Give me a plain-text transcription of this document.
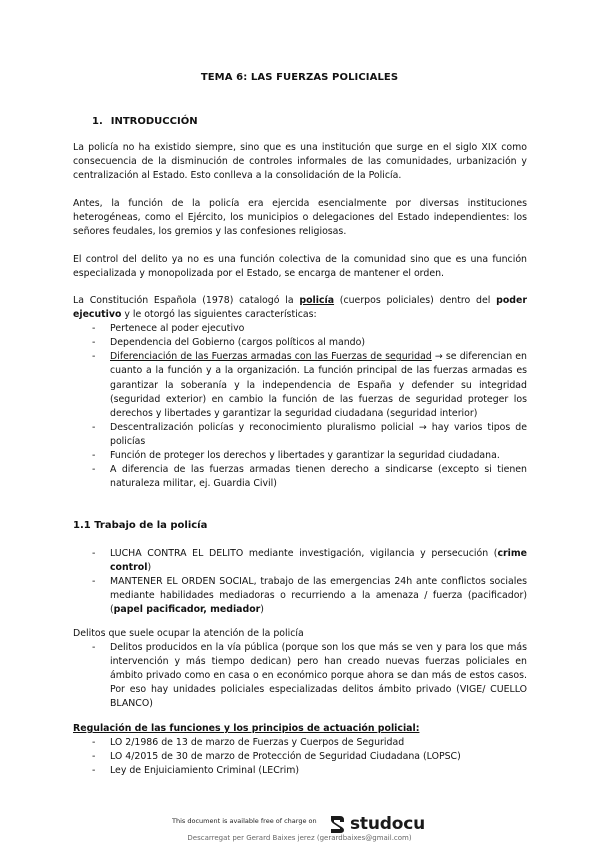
TEMA 6: LAS FUERZAS POLICIALES
1. INTRODUCCIÓN

La policía no ha existido siempre, sino que es una institución que surge en el siglo XIX como consecuencia de la disminución de controles informales de las comunidades, urbanización y centralización al Estado. Esto conlleva a la consolidación de la Policía.

Antes, la función de la policía era ejercida esencialmente por diversas instituciones heterogéneas, como el Ejército, los municipios o delegaciones del Estado independientes: los señores feudales, los gremios y las confesiones religiosas.

El control del delito ya no es una función colectiva de la comunidad sino que es una función especializada y monopolizada por el Estado, se encarga de mantener el orden.

La Constitución Española (1978) catalogó la policía (cuerpos policiales) dentro del poder ejecutivo y le otorgó las siguientes características:

- Pertenece al poder ejecutivo
- Dependencia del Gobierno (cargos políticos al mando)
- Diferenciación de las Fuerzas armadas con las Fuerzas de seguridad → se diferencian en cuanto a la función y a la organización. La función principal de las fuerzas armadas es garantizar la soberanía y la independencia de España y defender su integridad (seguridad exterior) en cambio la función de las fuerzas de seguridad proteger los derechos y libertades y garantizar la seguridad ciudadana (seguridad interior)
- Descentralización policías y reconocimiento pluralismo policial → hay varios tipos de policías
- Función de proteger los derechos y libertades y garantizar la seguridad ciudadana.
- A diferencia de las fuerzas armadas tienen derecho a sindicarse (excepto si tienen naturaleza militar, ej. Guardia Civil)
1.1 Trabajo de la policía
- LUCHA CONTRA EL DELITO mediante investigación, vigilancia y persecución (crime control)
- MANTENER EL ORDEN SOCIAL, trabajo de las emergencias 24h ante conflictos sociales mediante habilidades mediadoras o recurriendo a la amenaza / fuerza (pacificador) (papel pacificador, mediador)

Delitos que suele ocupar la atención de la policía

- Delitos producidos en la vía pública (porque son los que más se ven y para los que más intervención y más tiempo dedican) pero han creado nuevas fuerzas policiales en ámbito privado como en casa o en económico porque ahora se dan más de estos casos. Por eso hay unidades policiales especializadas delitos ámbito privado (VIGE/ CUELLO BLANCO)

Regulación de las funciones y los principios de actuación policial:

- LO 2/1986 de 13 de marzo de Fuerzas y Cuerpos de Seguridad
- LO 4/2015 de 30 de marzo de Protección de Seguridad Ciudadana (LOPSC)
- Ley de Enjuiciamiento Criminal (LECrim)
This document is available free of charge on studocu
Descarregat per Gerard Baixes jerez (gerardbaixes@gmail.com)
